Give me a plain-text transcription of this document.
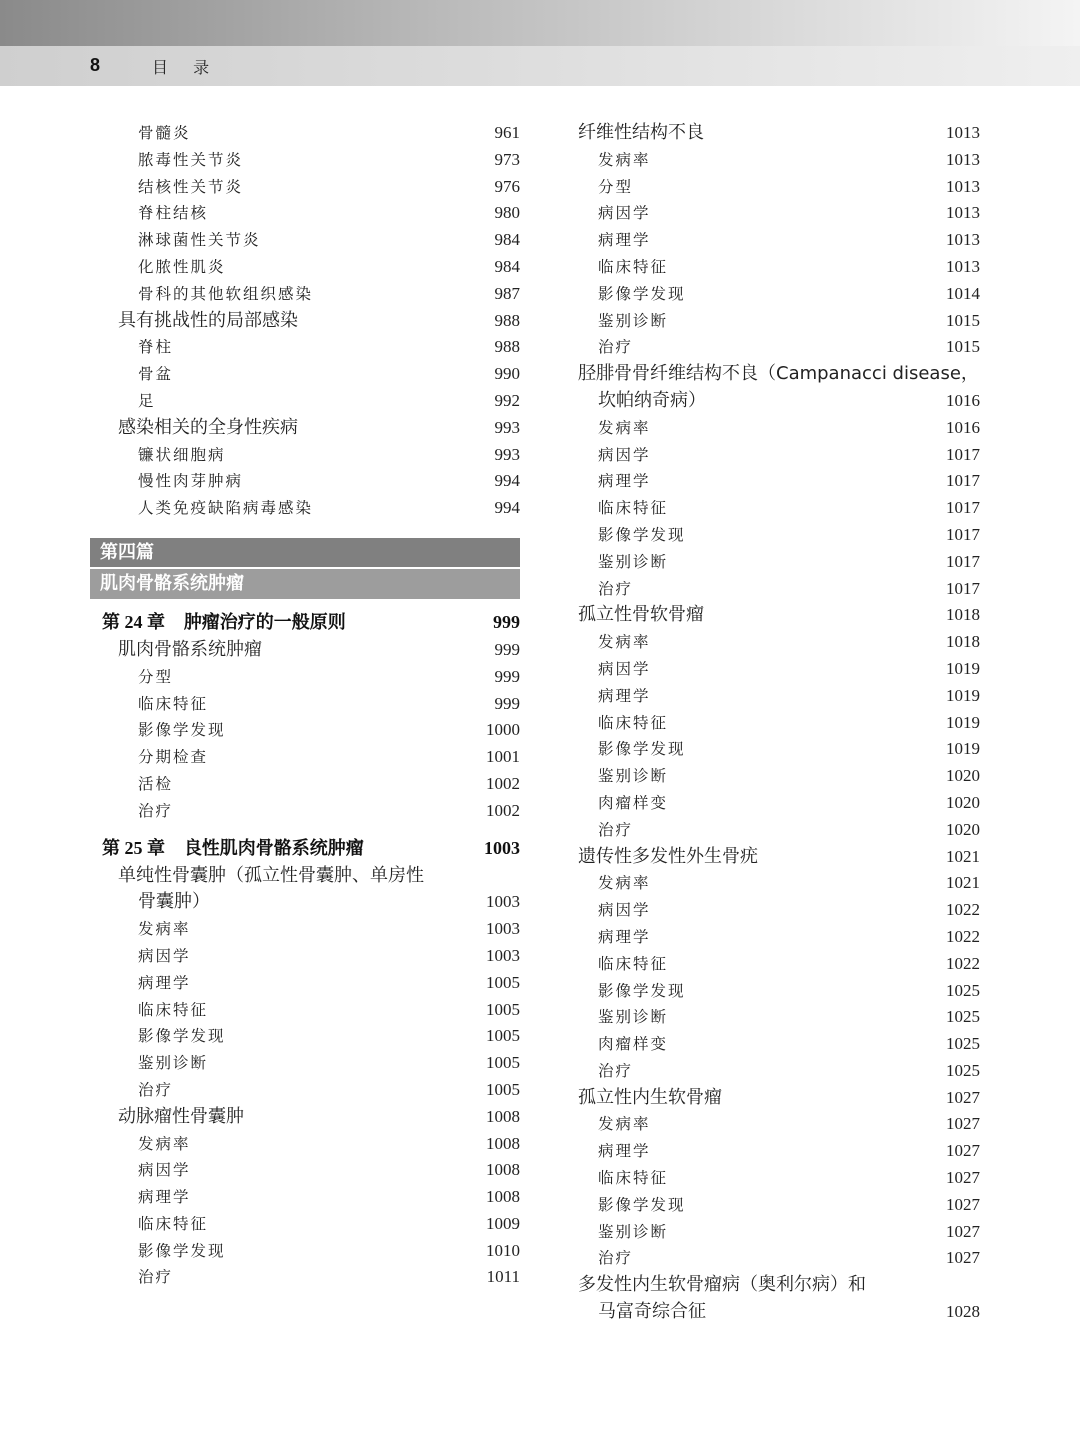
8	目 录
骨髓炎	961
脓毒性关节炎	973
结核性关节炎	976
脊柱结核	980
淋球菌性关节炎	984
化脓性肌炎	984
骨科的其他软组织感染	987
具有挑战性的局部感染	988
脊柱	988
骨盆	990
足	992
感染相关的全身性疾病	993
镰状细胞病	993
慢性肉芽肿病	994
人类免疫缺陷病毒感染	994
第四篇
肌肉骨骼系统肿瘤
第 24 章 肿瘤治疗的一般原则	999
肌肉骨骼系统肿瘤	999
分型	999
临床特征	999
影像学发现	1000
分期检查	1001
活检	1002
治疗	1002
第 25 章 良性肌肉骨骼系统肿瘤	1003
单纯性骨囊肿（孤立性骨囊肿、单房性
骨囊肿）	1003
发病率	1003
病因学	1003
病理学	1005
临床特征	1005
影像学发现	1005
鉴别诊断	1005
治疗	1005
动脉瘤性骨囊肿	1008
发病率	1008
病因学	1008
病理学	1008
临床特征	1009
影像学发现	1010
治疗	1011
纤维性结构不良	1013
发病率	1013
分型	1013
病因学	1013
病理学	1013
临床特征	1013
影像学发现	1014
鉴别诊断	1015
治疗	1015
胫腓骨骨纤维结构不良（Campanacci disease，
坎帕纳奇病）	1016
发病率	1016
病因学	1017
病理学	1017
临床特征	1017
影像学发现	1017
鉴别诊断	1017
治疗	1017
孤立性骨软骨瘤	1018
发病率	1018
病因学	1019
病理学	1019
临床特征	1019
影像学发现	1019
鉴别诊断	1020
肉瘤样变	1020
治疗	1020
遗传性多发性外生骨疣	1021
发病率	1021
病因学	1022
病理学	1022
临床特征	1022
影像学发现	1025
鉴别诊断	1025
肉瘤样变	1025
治疗	1025
孤立性内生软骨瘤	1027
发病率	1027
病理学	1027
临床特征	1027
影像学发现	1027
鉴别诊断	1027
治疗	1027
多发性内生软骨瘤病（奥利尔病）和
马富奇综合征	1028
